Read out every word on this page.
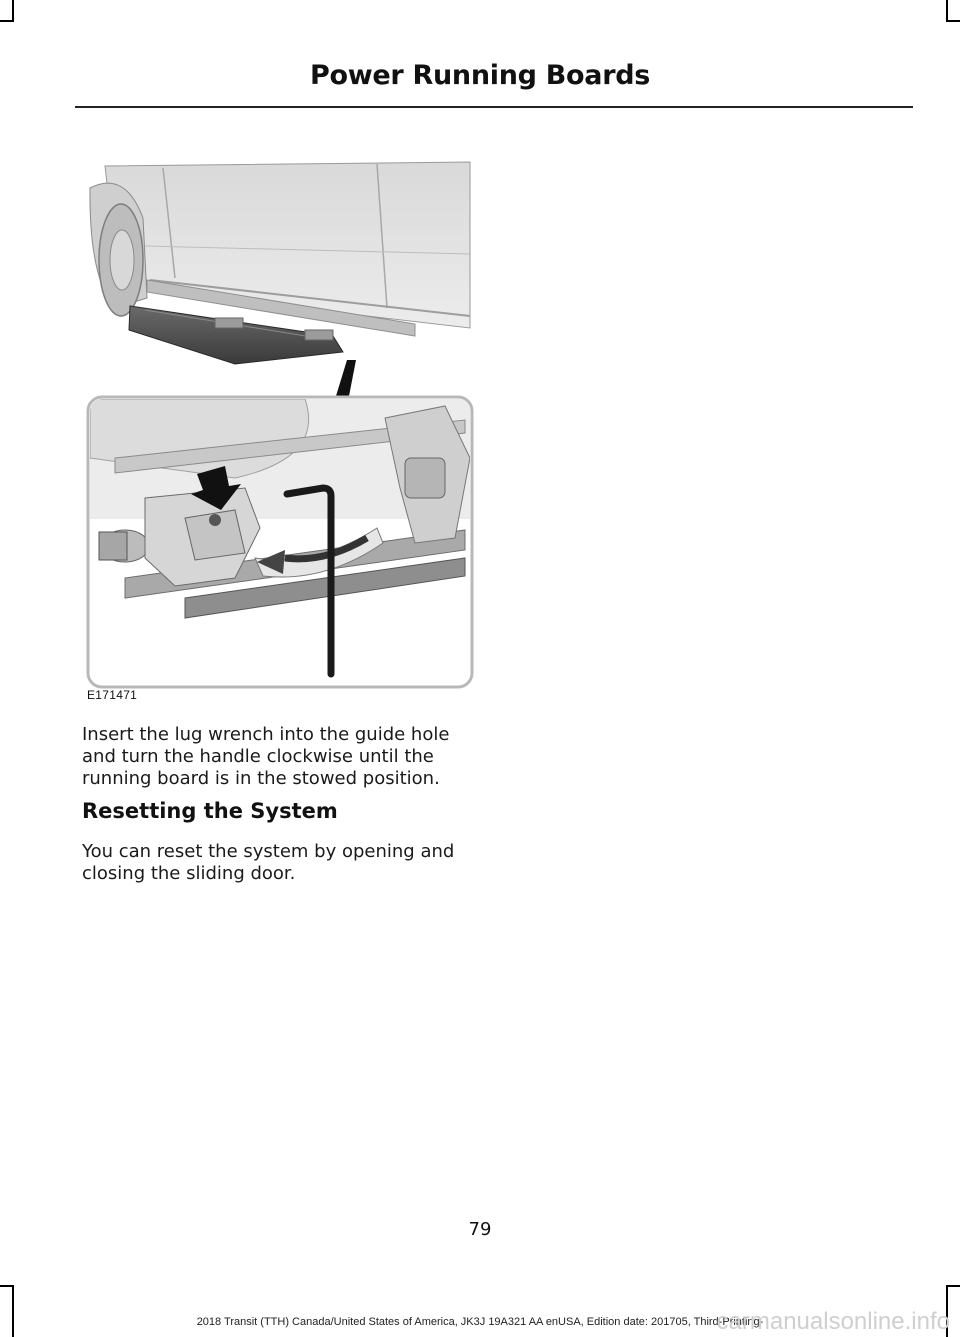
Power Running Boards
E171471

Insert the lug wrench into the guide hole and turn the handle clockwise until the running board is in the stowed position.

Resetting the System

You can reset the system by opening and closing the sliding door.

79
2018 Transit (TTH) Canada/United States of America, JK3J 19A321 AA enUSA, Edition date: 201705, Third-Printing-
carmanualsonline.info
